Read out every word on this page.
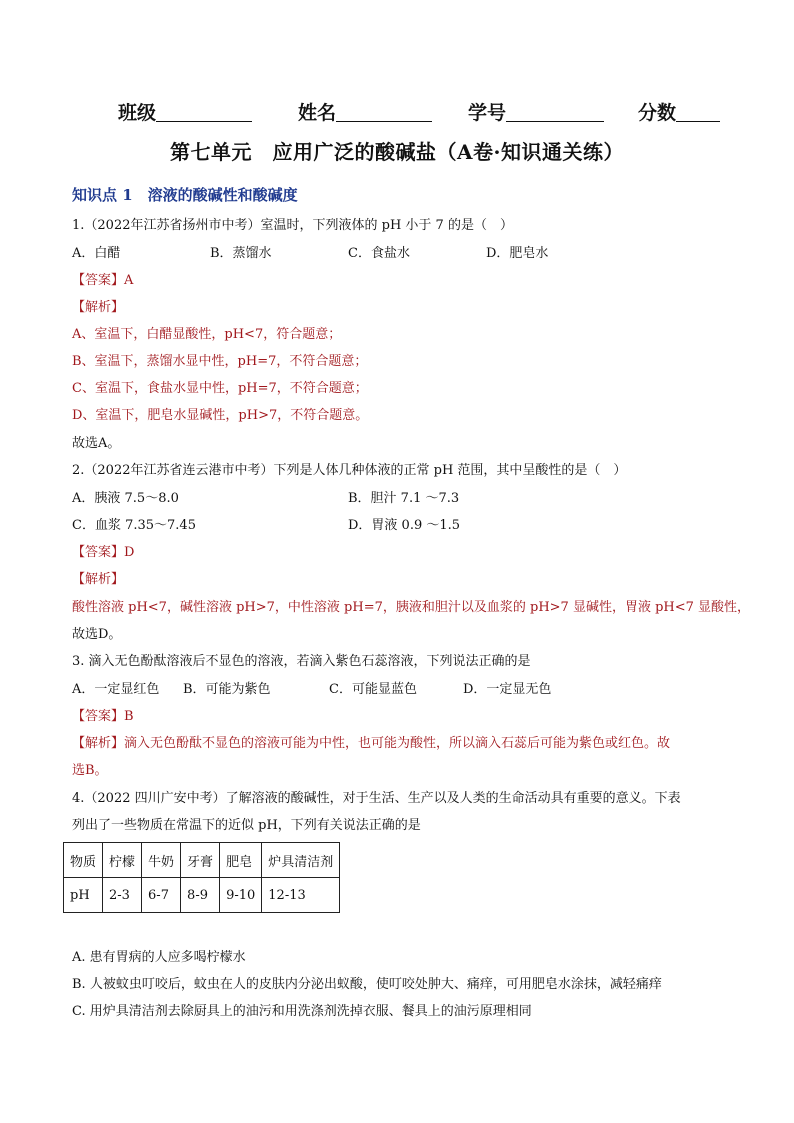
班级	姓名	学号	分数
第七单元　应用广泛的酸碱盐（A卷·知识通关练）
知识点 1　溶液的酸碱性和酸碱度
1.（2022年江苏省扬州市中考）室温时，下列液体的 pH 小于 7 的是（　）
A．白醋	B．蒸馏水	C．食盐水	D．肥皂水
【答案】A
【解析】
A、室温下，白醋显酸性，pH<7，符合题意；
B、室温下，蒸馏水显中性，pH=7，不符合题意；
C、室温下，食盐水显中性，pH=7，不符合题意；
D、室温下，肥皂水显碱性，pH>7，不符合题意。
故选A。
2.（2022年江苏省连云港市中考）下列是人体几种体液的正常 pH 范围，其中呈酸性的是（　）
A．胰液 7.5～8.0	B．胆汁 7.1 ～7.3
C．血浆 7.35～7.45	D．胃液 0.9 ～1.5
【答案】D
【解析】
酸性溶液 pH<7，碱性溶液 pH>7，中性溶液 pH=7，胰液和胆汁以及血浆的 pH>7 显碱性，胃液 pH<7 显酸性，
故选D。
3. 滴入无色酚酞溶液后不显色的溶液，若滴入紫色石蕊溶液，下列说法正确的是
A．一定显红色 B．可能为紫色	C．可能显蓝色	D．一定显无色
【答案】B
【解析】滴入无色酚酞不显色的溶液可能为中性，也可能为酸性，所以滴入石蕊后可能为紫色或红色。故
选B。
4.（2022 四川广安中考）了解溶液的酸碱性，对于生活、生产以及人类的生命活动具有重要的意义。下表
列出了一些物质在常温下的近似 pH，下列有关说法正确的是
物质	柠檬	牛奶	牙膏	肥皂	炉具清洁剂
pH	2-3	6-7	8-9	9-10	12-13
A. 患有胃病的人应多喝柠檬水
B. 人被蚊虫叮咬后，蚊虫在人的皮肤内分泌出蚁酸，使叮咬处肿大、痛痒，可用肥皂水涂抹，减轻痛痒
C. 用炉具清洁剂去除厨具上的油污和用洗涤剂洗掉衣服、餐具上的油污原理相同
